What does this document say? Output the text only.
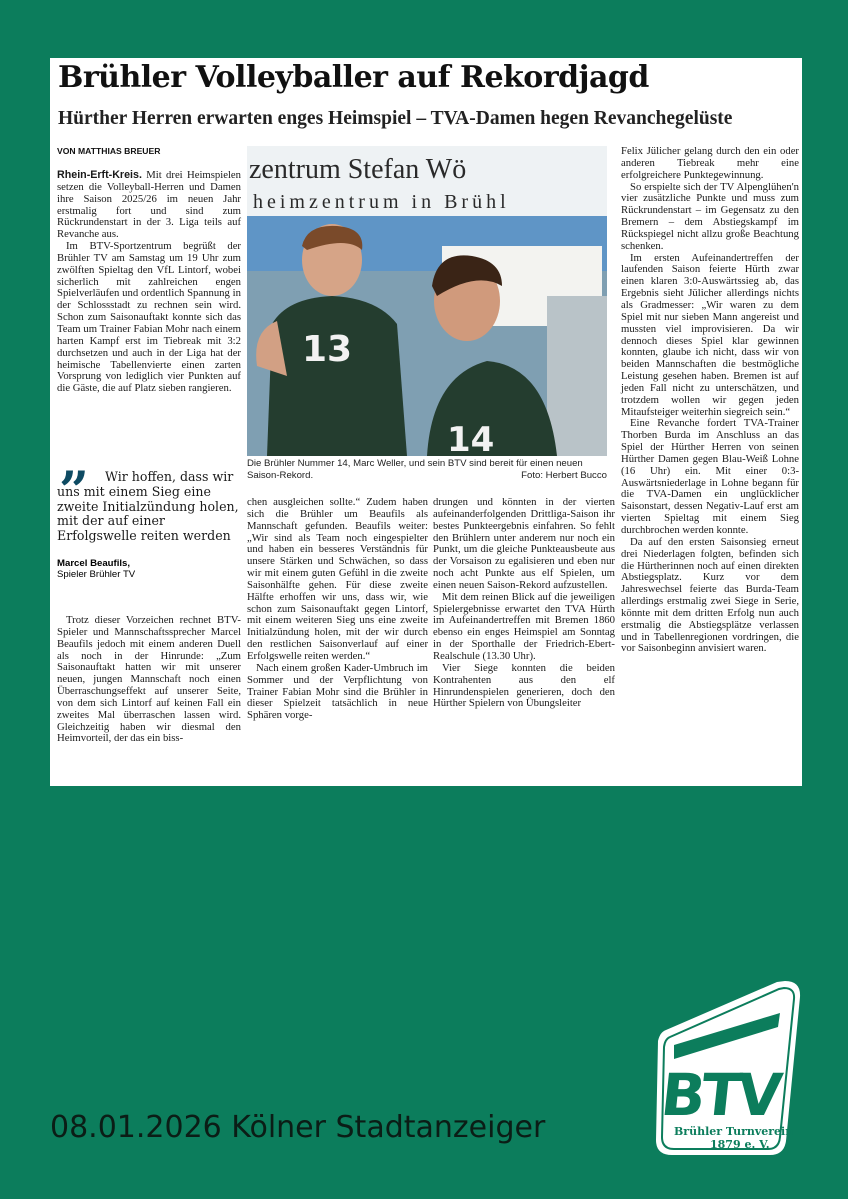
Brühler Volleyballer auf Rekordjagd
Hürther Herren erwarten enges Heimspiel – TVA-Damen hegen Revanchegelüste
VON MATTHIAS BREUER

Rhein-Erft-Kreis. Mit drei Heimspielen setzen die Volleyball-Herren und Damen ihre Saison 2025/26 im neuen Jahr erstmalig fort und sind zum Rückrundenstart in der 3. Liga teils auf Revanche aus.

Im BTV-Sportzentrum begrüßt der Brühler TV am Samstag um 19 Uhr zum zwölften Spieltag den VfL Lintorf, wobei sicherlich mit zahlreichen engen Spielverläufen und ordentlich Spannung in der Schlossstadt zu rechnen sein wird. Schon zum Saisonauftakt konnte sich das Team um Trainer Fabian Mohr nach einem harten Kampf erst im Tiebreak mit 3:2 durchsetzen und auch in der Liga hat der heimische Tabellenvierte einen zarten Vorsprung von lediglich vier Punkten auf die Gäste, die auf Platz sieben rangieren.

”	Wir hoffen, dass wir uns mit einem Sieg eine zweite Initialzündung holen, mit der auf einer Erfolgswelle reiten werden

Marcel Beaufils,
Spieler Brühler TV

Trotz dieser Vorzeichen rechnet BTV-Spieler und Mannschaftssprecher Marcel Beaufils jedoch mit einem anderen Duell als noch in der Hinrunde: „Zum Saisonauftakt hatten wir mit unserer neuen, jungen Mannschaft noch einen Überraschungseffekt auf unserer Seite, von dem sich Lintorf auf keinen Fall ein zweites Mal überraschen lassen wird. Gleichzeitig haben wir diesmal den Heimvorteil, der das ein biss-

zentrum Stefan Wö
heimzentrum in Brühl
13
14
Die Brühler Nummer 14, Marc Weller, und sein BTV sind bereit für einen neuen Saison-Rekord.	Foto: Herbert Bucco

chen ausgleichen sollte.“ Zudem haben sich die Brühler um Beaufils als Mannschaft gefunden. Beaufils weiter: „Wir sind als Team noch eingespielter und haben ein besseres Verständnis für unsere Stärken und Schwächen, so dass wir mit einem guten Gefühl in die zweite Saisonhälfte gehen. Für diese zweite Hälfte erhoffen wir uns, dass wir, wie schon zum Saisonauftakt gegen Lintorf, mit einem weiteren Sieg uns eine zweite Initialzündung holen, mit der wir durch den restlichen Saisonverlauf auf einer Erfolgswelle reiten werden.“

Nach einem großen Kader-Umbruch im Sommer und der Verpflichtung von Trainer Fabian Mohr sind die Brühler in dieser Spielzeit tatsächlich in neue Sphären vorge-

drungen und könnten in der vierten aufeinanderfolgenden Drittliga-Saison ihr bestes Punkteergebnis einfahren. So fehlt den Brühlern unter anderem nur noch ein Punkt, um die gleiche Punkteausbeute aus der Vorsaison zu egalisieren und eben nur noch acht Punkte aus elf Spielen, um einen neuen Saison-Rekord aufzustellen.

Mit dem reinen Blick auf die jeweiligen Spielergebnisse erwartet den TVA Hürth im Aufeinandertreffen mit Bremen 1860 ebenso ein enges Heimspiel am Sonntag in der Sporthalle der Friedrich-Ebert-Realschule (13.30 Uhr).

Vier Siege konnten die beiden Kontrahenten aus den elf Hinrundenspielen generieren, doch den Hürther Spielern von Übungsleiter

Felix Jülicher gelang durch den ein oder anderen Tiebreak mehr eine erfolgreichere Punktegewinnung.

So erspielte sich der TV Alpenglühen'n vier zusätzliche Punkte und muss zum Rückrundenstart – im Gegensatz zu den Bremern – dem Abstiegskampf im Rückspiegel nicht allzu große Beachtung schenken.

Im ersten Aufeinandertreffen der laufenden Saison feierte Hürth zwar einen klaren 3:0-Auswärtssieg ab, das Ergebnis sieht Jülicher allerdings nichts als Gradmesser: „Wir waren zu dem Spiel mit nur sieben Mann angereist und mussten viel improvisieren. Da wir dennoch dieses Spiel klar gewinnen konnten, glaube ich nicht, dass wir von beiden Mannschaften die bestmögliche Leistung gesehen haben. Bremen ist auf jeden Fall nicht zu unterschätzen, und trotzdem wollen wir gegen jeden Mitaufsteiger weiterhin siegreich sein.“

Eine Revanche fordert TVA-Trainer Thorben Burda im Anschluss an das Spiel der Hürther Herren von seinen Hürther Damen gegen Blau-Weiß Lohne (16 Uhr) ein. Mit einer 0:3-Auswärtsniederlage in Lohne begann für die TVA-Damen ein unglücklicher Saisonstart, dessen Negativ-Lauf erst am vierten Spieltag mit einem Sieg durchbrochen werden konnte.

Da auf den ersten Saisonsieg erneut drei Niederlagen folgten, befinden sich die Hürtherinnen noch auf einen direkten Abstiegsplatz. Kurz vor dem Jahreswechsel feierte das Burda-Team allerdings erstmalig zwei Siege in Serie, könnte mit dem dritten Erfolg nun auch erstmalig die Abstiegsplätze verlassen und in Tabellenregionen vordringen, die vor Saisonbeginn anvisiert waren.

08.01.2026 Kölner Stadtanzeiger BTV
Brühler Turnverein
1879 e. V.
